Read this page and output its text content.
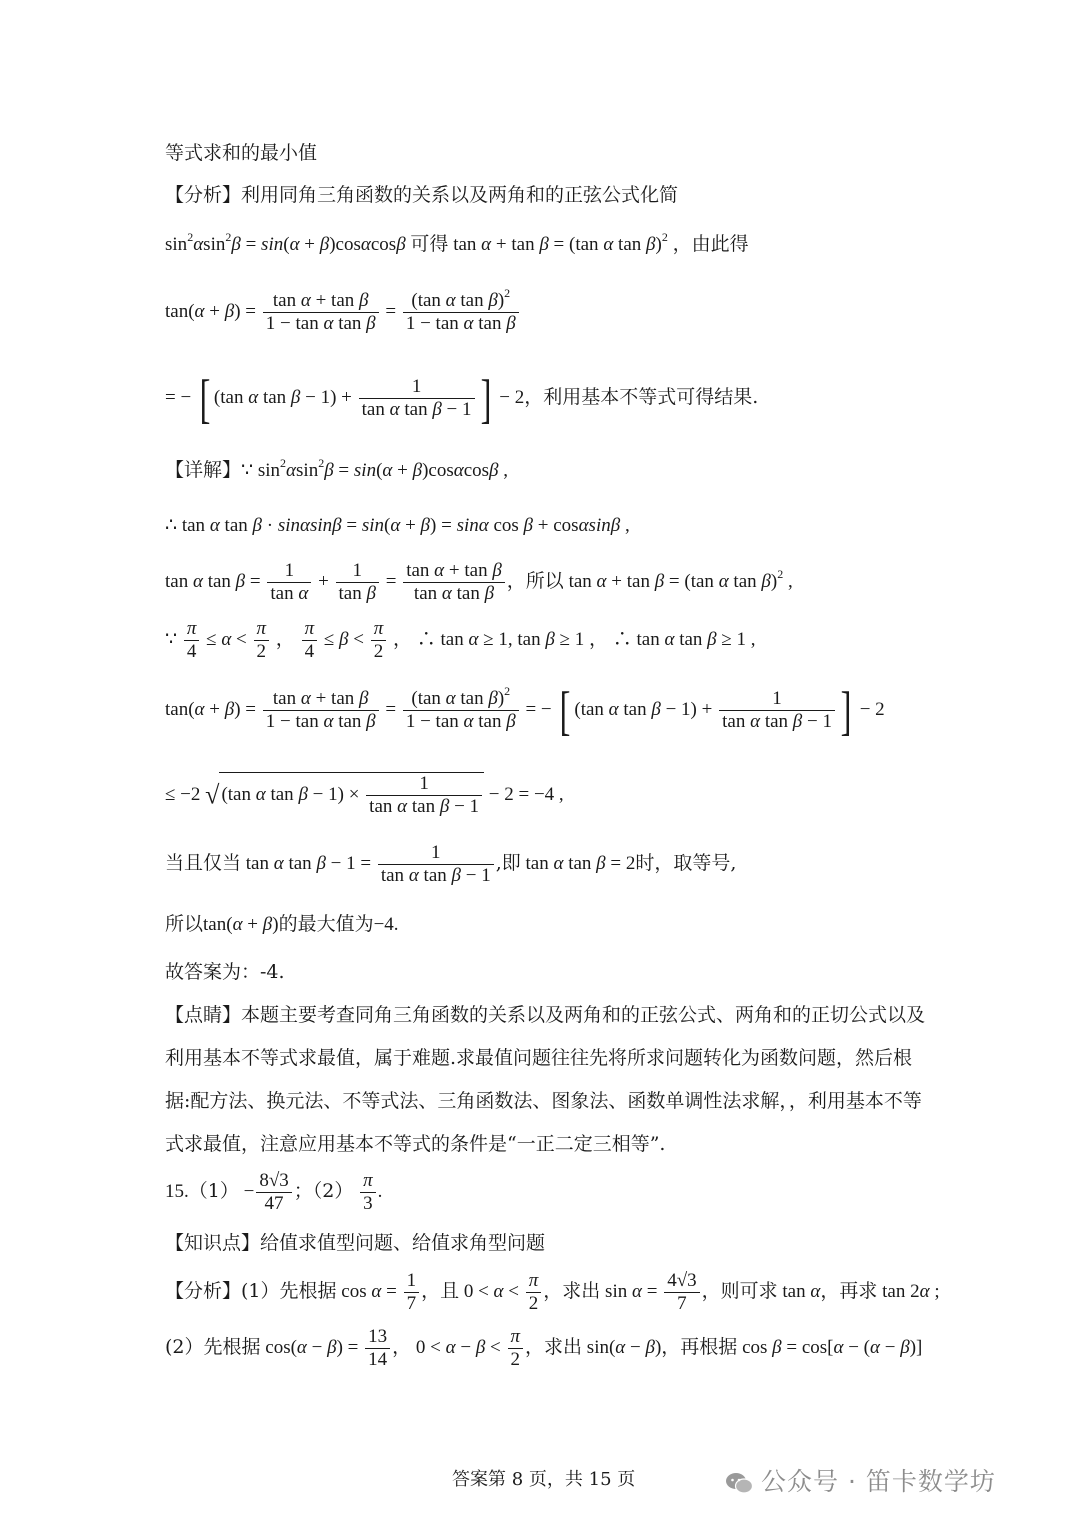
等式求和的最小值
【分析】利用同角三角函数的关系以及两角和的正弦公式化简
$\sin^2\alpha\sin^2\beta = \sin(\alpha + \beta)\cos\alpha\cos\beta$ 可得 tan α + tan β = (tan α tan β)$^2$ ，由此得
$\tan(\alpha + \beta) = \frac{\text{tan α + tan β}}{\text{1 − tan α tan β}} = \frac{(\tan \alpha \tan \beta)^2}{\text{1 − tan α tan β}}$
= − [ (tan α $\tan \beta - 1) + \frac{1}{\text{tan α tan β − 1}}$ ] − 2，利用基本不等式可得结果.
【详解】∵ $\sin^2\alpha\sin^2\beta = \sin(\alpha + \beta)\cos\alpha\cos\beta$ ,
∴ tan α tan β · sinαsinβ = sin(α + β) = sinα cos β + cosαsinβ ,
tan α $\tan \beta = \frac{1}{\text{tan α}} + \frac{1}{\text{tan β}} = \frac{\text{tan α + tan β}}{\text{tan α tan β}}$ ，所以 tan α + tan β = (tan α tan β)$^2$ ,
∵ $\frac{\pi}{4} \le \alpha < \frac{\pi}{2}$ ， $\frac{\pi}{4} \le \beta < \frac{\pi}{2}$ ， ∴ tan α ≥ 1, tan β ≥ 1 ， ∴ tan α tan β ≥ 1 ,
$\tan(\alpha + \beta) = \frac{\text{tan α + tan β}}{\text{1 − tan α tan β}} = \frac{(\tan \alpha \tan \beta)^2}{\text{1 − tan α tan β}}$ = − [ (tan α $\tan \beta - 1) + \frac{1}{\text{tan α tan β − 1}}$ ] − 2
≤ −2 √ (tan α $\tan \beta - 1) \times \frac{1}{\text{tan α tan β − 1}} - 2 = -4$ ,
当且仅当 tan α $\tan \beta - 1 = \frac{1}{\text{tan α tan β − 1}}$ ,即 tan α tan β = 2时，取等号,
所以tan(α + β)的最大值为−4.
故答案为：-4.
【点睛】本题主要考查同角三角函数的关系以及两角和的正弦公式、两角和的正切公式以及
利用基本不等式求最值，属于难题.求最值问题往往先将所求问题转化为函数问题，然后根
据:配方法、换元法、不等式法、三角函数法、图象法、函数单调性法求解，，利用基本不等
式求最值，注意应用基本不等式的条件是“一正二定三相等”.
$15.(1) - \frac{8√3}{47}$ ；$(2) \frac{\pi}{3}$ .
【知识点】给值求值型问题、给值求角型问题
【分析】(1）先根据 $\cos \alpha = \frac{1}{7}$ ，且 $0 < \alpha < \frac{\pi}{2}$ ，求出 $\sin \alpha = \frac{4√3}{7}$ ，则可求 tan α，再求 tan 2α ;
(2）先根据 $\cos(\alpha - \beta) = \frac{13}{14}$ ， $0 < \alpha - \beta < \frac{\pi}{2}$ ，求出 sin(α − β)，再根据 cos β = cos[α − (α − β)]
答案第 8 页，共 15 页	公众号 · 笛卡数学坊
